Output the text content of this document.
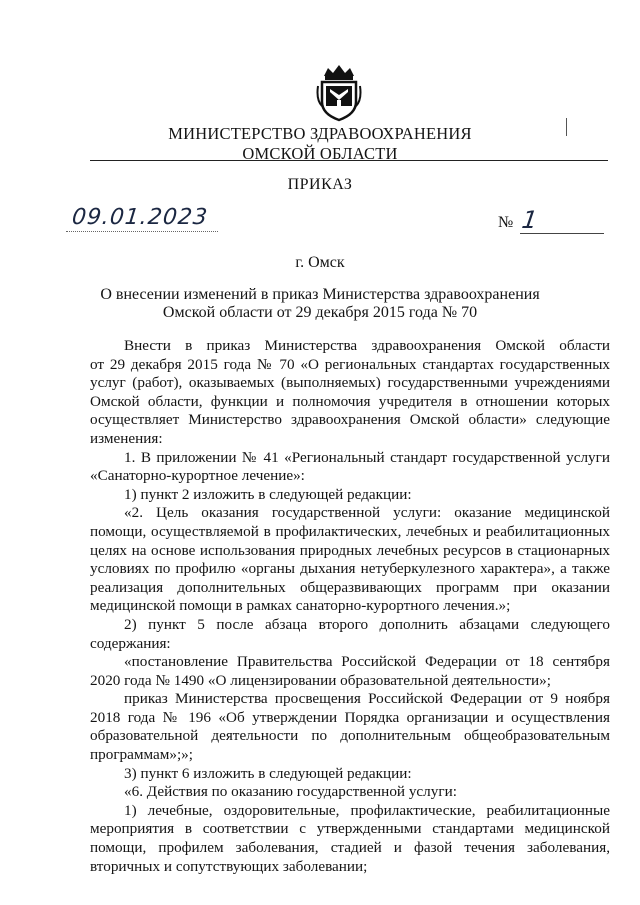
МИНИСТЕРСТВО ЗДРАВООХРАНЕНИЯ
ОМСКОЙ ОБЛАСТИ
ПРИКАЗ
09.01.2023	№ 1
г. Омск
О внесении изменений в приказ Министерства здравоохранения
Омской области от 29 декабря 2015 года № 70
Внести в приказ Министерства здравоохранения Омской области
от 29 декабря 2015 года № 70 «О региональных стандартах государственных
услуг (работ), оказываемых (выполняемых) государственными учреждениями
Омской области, функции и полномочия учредителя в отношении которых
осуществляет Министерство здравоохранения Омской области» следующие
изменения:
1. В приложении № 41 «Региональный стандарт государственной услуги
«Санаторно-курортное лечение»:
1) пункт 2 изложить в следующей редакции:
«2. Цель оказания государственной услуги: оказание медицинской
помощи, осуществляемой в профилактических, лечебных и реабилитационных
целях на основе использования природных лечебных ресурсов в стационарных
условиях по профилю «органы дыхания нетуберкулезного характера», а также
реализация дополнительных общеразвивающих программ при оказании
медицинской помощи в рамках санаторно-курортного лечения.»;
2) пункт 5 после абзаца второго дополнить абзацами следующего
содержания:
«постановление Правительства Российской Федерации от 18 сентября
2020 года № 1490 «О лицензировании образовательной деятельности»;
приказ Министерства просвещения Российской Федерации от 9 ноября
2018 года № 196 «Об утверждении Порядка организации и осуществления
образовательной деятельности по дополнительным общеобразовательным
программам»;»;
3) пункт 6 изложить в следующей редакции:
«6. Действия по оказанию государственной услуги:
1) лечебные, оздоровительные, профилактические, реабилитационные
мероприятия в соответствии с утвержденными стандартами медицинской
помощи, профилем заболевания, стадией и фазой течения заболевания,
вторичных и сопутствующих заболевании;
